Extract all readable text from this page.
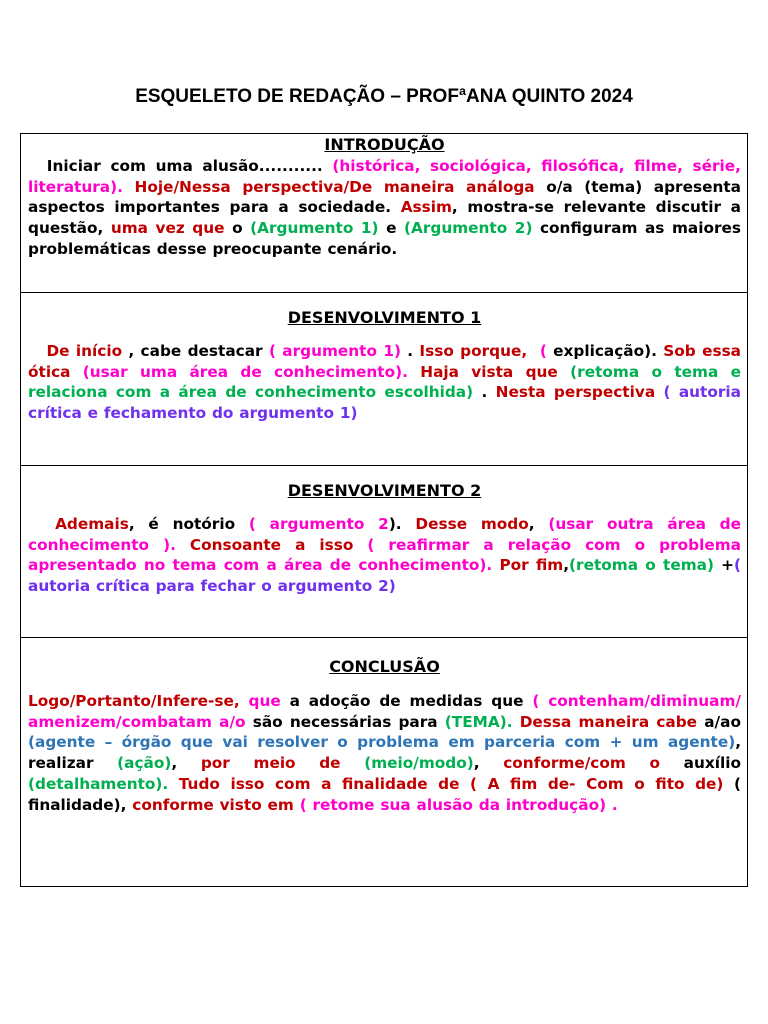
ESQUELETO DE REDAÇÃO – PROFªANA QUINTO 2024
INTRODUÇÃO
Iniciar com uma alusão........... (histórica, sociológica, filosófica, filme, série, literatura). Hoje/Nessa perspectiva/De maneira análoga o/a (tema) apresenta aspectos importantes para a sociedade. Assim, mostra-se relevante discutir a questão, uma vez que o (Argumento 1) e (Argumento 2) configuram as maiores problemáticas desse preocupante cenário.
DESENVOLVIMENTO 1
De início , cabe destacar ( argumento 1) . Isso porque,  ( explicação). Sob essa ótica (usar uma área de conhecimento). Haja vista que (retoma o tema e relaciona com a área de conhecimento escolhida) . Nesta perspectiva ( autoria crítica e fechamento do argumento 1)
DESENVOLVIMENTO 2
Ademais, é notório ( argumento 2). Desse modo, (usar outra área de conhecimento ). Consoante a isso ( reafirmar a relação com o problema apresentado no tema com a área de conhecimento). Por fim,(retoma o tema) +( autoria crítica para fechar o argumento 2)
CONCLUSÃO
Logo/Portanto/Infere-se, que a adoção de medidas que ( contenham/diminuam/ amenizem/combatam a/o são necessárias para (TEMA). Dessa maneira cabe a/ao (agente – órgão que vai resolver o problema em parceria com + um agente), realizar (ação), por meio de (meio/modo), conforme/com o auxílio (detalhamento). Tudo isso com a finalidade de ( A fim de- Com o fito de) ( finalidade), conforme visto em ( retome sua alusão da introdução) .
